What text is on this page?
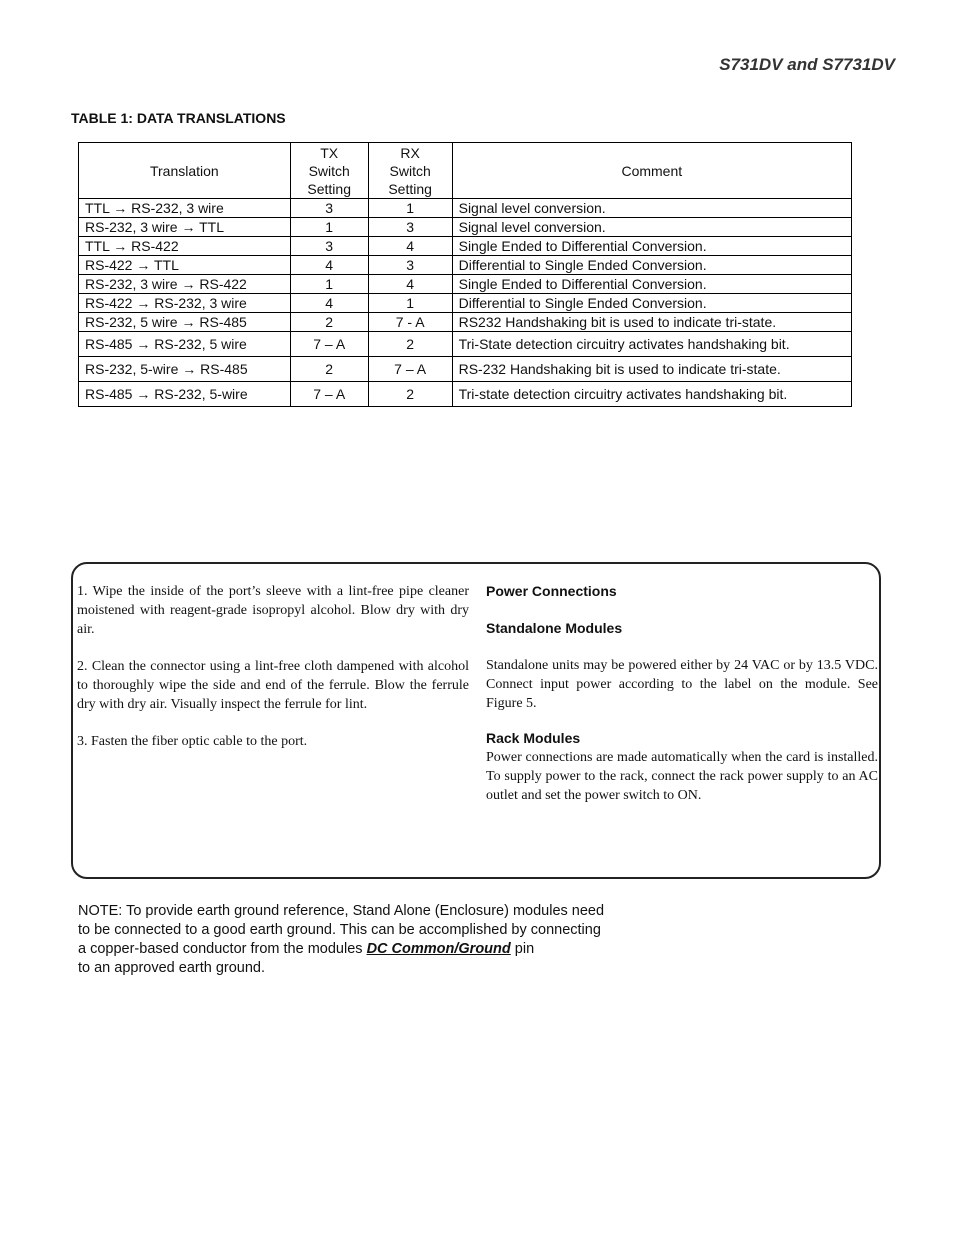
S731DV and S7731DV
TABLE 1: DATA TRANSLATIONS
Translation	TX
Switch
Setting	RX
Switch
Setting	Comment
TTL → RS-232, 3 wire	3	1	Signal level conversion.
RS-232, 3 wire → TTL	1	3	Signal level conversion.
TTL → RS-422	3	4	Single Ended to Differential Conversion.
RS-422 → TTL	4	3	Differential to Single Ended Conversion.
RS-232, 3 wire → RS-422	1	4	Single Ended to Differential Conversion.
RS-422 → RS-232, 3 wire	4	1	Differential to Single Ended Conversion.
RS-232, 5 wire → RS-485	2	7 - A	RS232 Handshaking bit is used to indicate tri-state.
RS-485 → RS-232, 5 wire	7 – A	2	Tri-State detection circuitry activates handshaking bit.
RS-232, 5-wire → RS-485	2	7 – A	RS-232 Handshaking bit is used to indicate tri-state.
RS-485 → RS-232, 5-wire	7 – A	2	Tri-state detection circuitry activates handshaking bit.

1. Wipe the inside of the port’s sleeve with a lint-free pipe cleaner moistened with reagent-grade isopropyl alcohol. Blow dry with dry air.

2. Clean the connector using a lint-free cloth dampened with alcohol to thoroughly wipe the side and end of the ferrule. Blow the ferrule dry with dry air. Visually inspect the ferrule for lint.

3. Fasten the fiber optic cable to the port.

Power Connections
Standalone Modules

Standalone units may be powered either by 24 VAC or by 13.5 VDC. Connect input power according to the label on the module. See Figure 5.

Rack Modules

Power connections are made automatically when the card is installed. To supply power to the rack, connect the rack power supply to an AC outlet and set the power switch to ON.

NOTE: To provide earth ground reference, Stand Alone (Enclosure) modules need
to be connected to a good earth ground. This can be accomplished by connecting
a copper-based conductor from the modules DC Common/Ground pin
to an approved earth ground.
